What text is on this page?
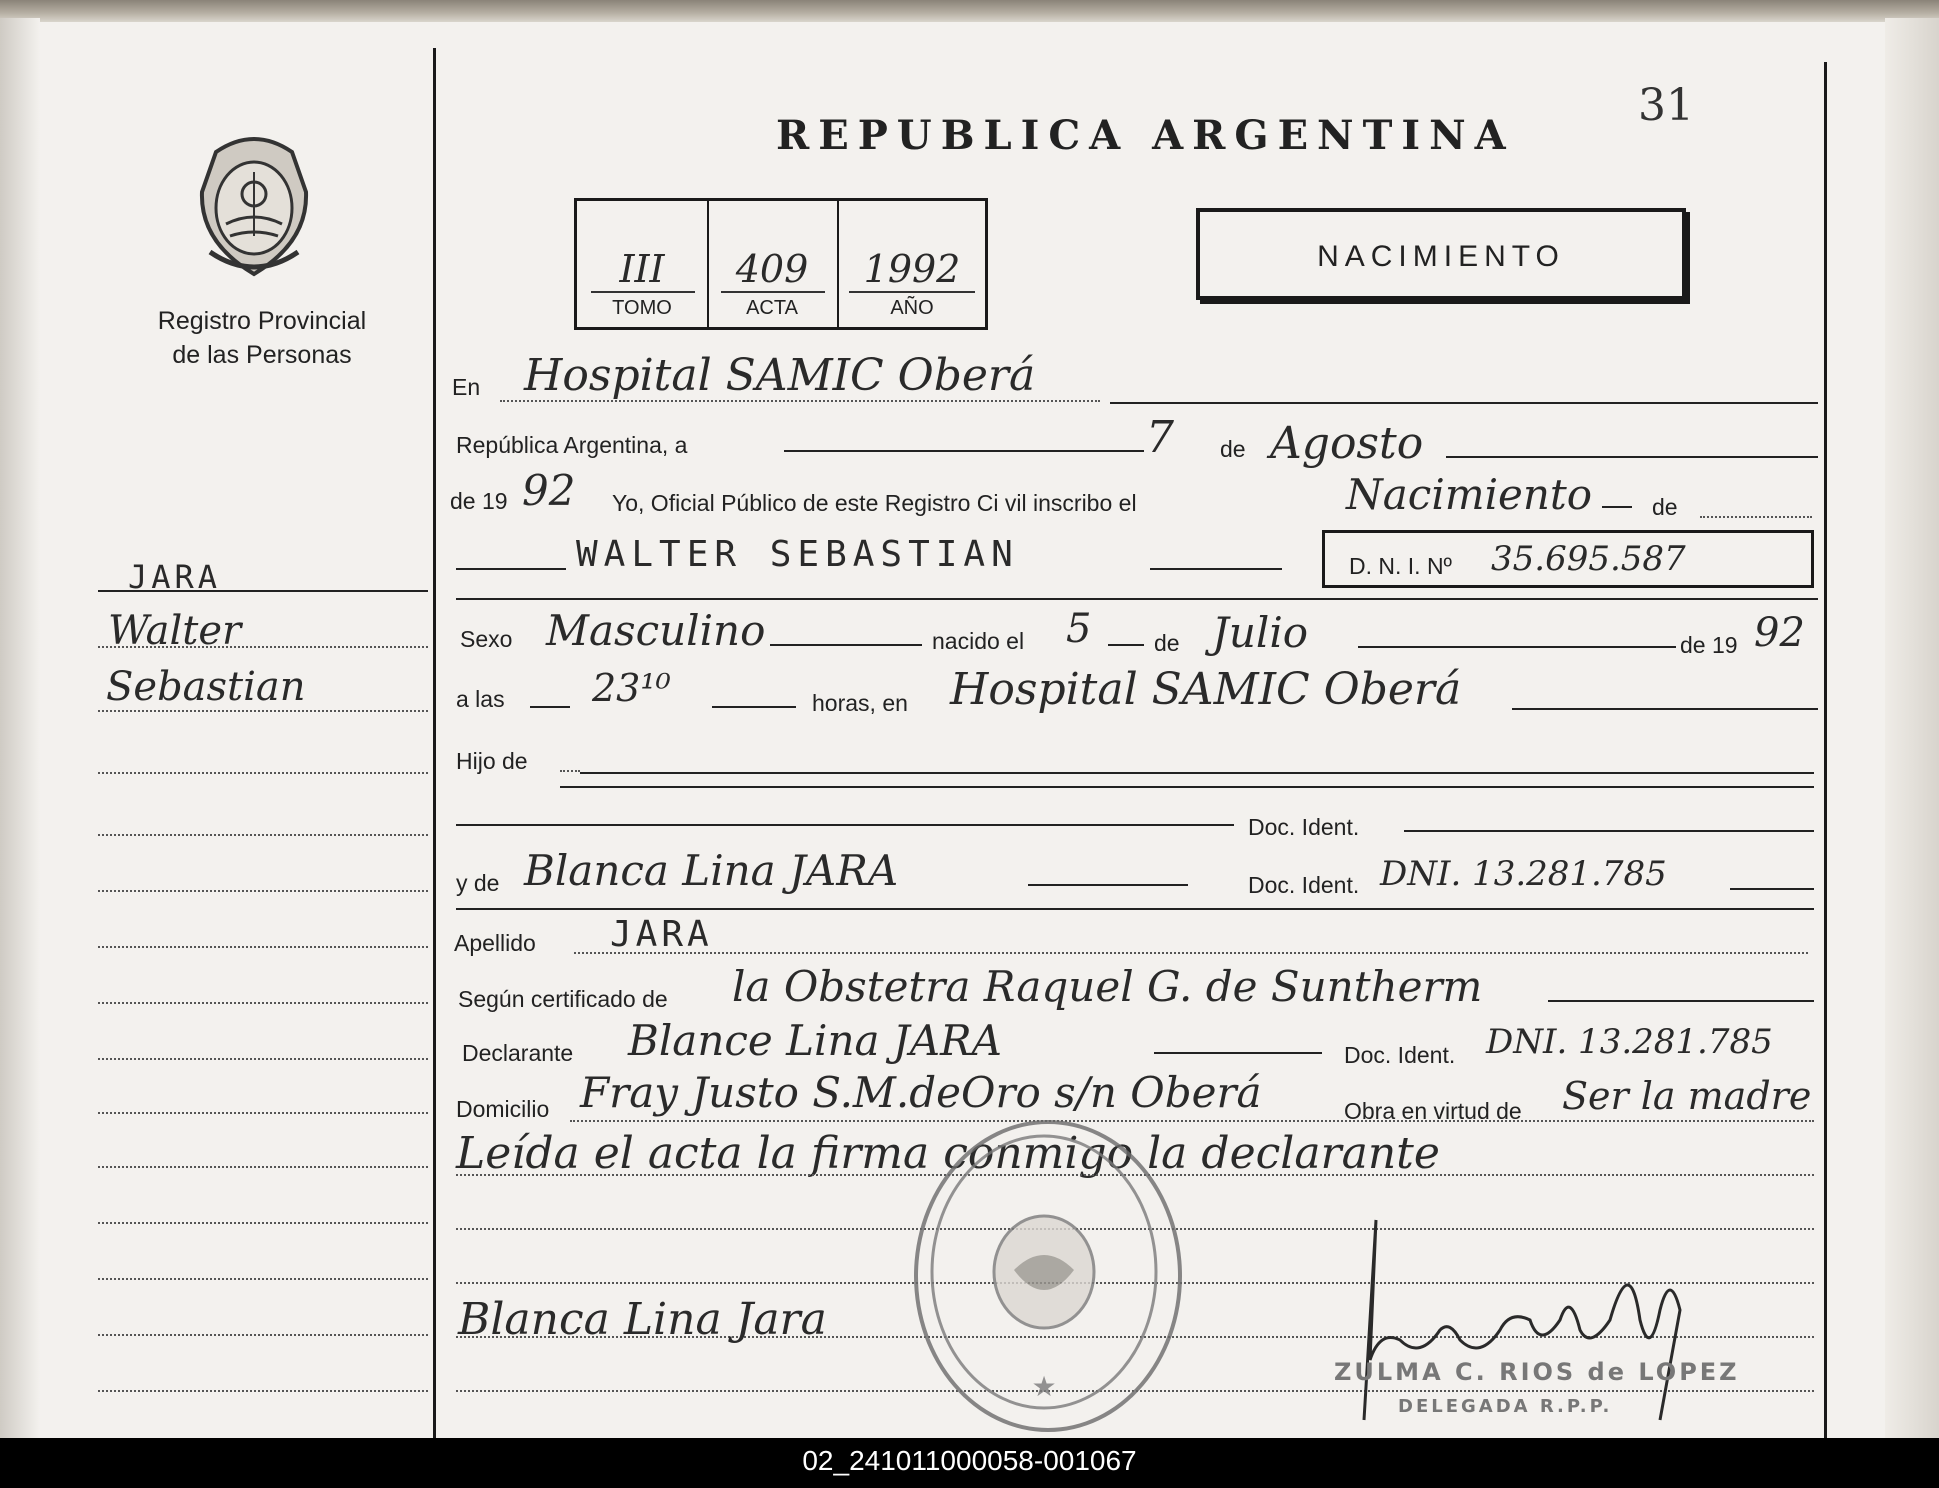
REPUBLICA ARGENTINA
31
Registro Provincial
de las Personas
III
TOMO
409
ACTA
1992
AÑO
NACIMIENTO
JARA
Walter
Sebastian
En Hospital SAMIC Oberá
República Argentina, a	7 de Agosto
de 19 92 Yo, Oficial Público de este Registro Ci vil inscribo el	Nacimiento	de
WALTER SEBASTIAN	D. N. I. Nº 35.695.587
Sexo Masculino	nacido el 5	de Julio	de 19 92
a las 23¹⁰	horas, en Hospital SAMIC Oberá
Hijo de
Doc. Ident.
y de Blanca Lina JARA	Doc. Ident. DNI. 13.281.785
Apellido JARA
Según certificado de la Obstetra Raquel G. de Suntherm
Declarante Blance Lina JARA	Doc. Ident. DNI. 13.281.785
Domicilio Fray Justo S.M.deOro s/n Oberá	Obra en virtud de Ser la madre
Leída el acta la firma conmigo la declarante
Blanca Lina Jara
★	ZULMA C. RIOS de LOPEZ
DELEGADA R.P.P.
02_241011000058-001067
